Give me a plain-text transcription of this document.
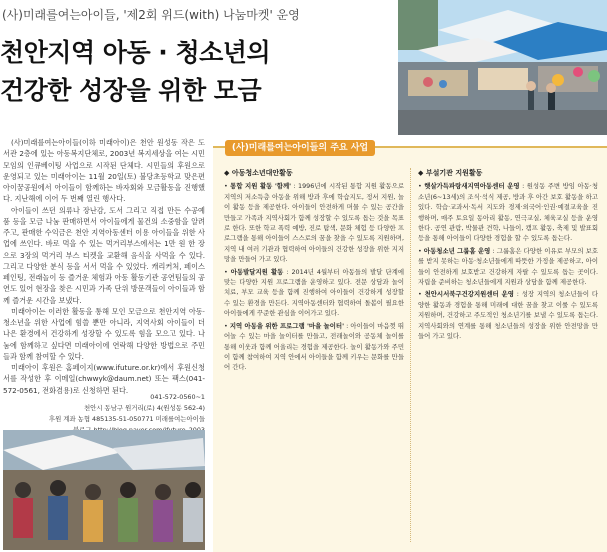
(사)미래를여는아이들, '제2회 위드(with) 나눔마켓' 운영
천안지역 아동 · 청소년의
건강한 성장을 위한 모금

(사)미래를여는아이들(이하 미래아이)은 천안 원성동 작은 도서관 2층에 있는 아동복지단체로, 2003년 복지세상을 여는 시민모임의 인큐베이팅 사업으로 시작된 단체다. 시민들의 후원으로 운영되고 있는 미래아이는 11월 20일(토) 불당초등학교 맞은편 아이꿈공원에서 아이들이 함께하는 바자회와 모금활동을 진행했다. 지난해에 이어 두 번째 열린 행사다.

아이들이 쓰던 의류나 장난감, 도서 그리고 직접 만든 수공예품 등을 모금 나눔 판매하면서 아이들에게 물건의 소중함을 알려주고, 판매한 수익금은 천안 지역아동센터 이용 아이들을 위한 사업에 쓰인다. 바로 먹을 수 있는 먹거리부스에서는 1만 원 한 장으로 3장의 먹거리 부스 티켓을 교환해 음식을 사먹을 수 있다. 그리고 다양한 분식 등을 서서 먹을 수 있었다. 캐리커처, 페이스페인팅, 전래놀이 등 즐거운 체험과 아동 활동기관 공연팀들의 공연도 있어 현장을 찾은 시민과 가족 단위 방문객들이 아이들과 함께 즐거운 시간을 보냈다.

미래아이는 이러한 활동을 통해 모인 모금으로 천안지역 아동·청소년을 위한 사업에 힘쓸 뿐만 아니라, 지역사회 아이들이 더 나은 환경에서 건강하게 성장할 수 있도록 힘을 모으고 있다. 나눔에 함께하고 싶다면 미래아이에 연락해 다양한 방법으로 주민들과 함께 참여할 수 있다.

미래아이 후원은 홈페이지(www.ifuture.or.kr)에서 후원신청서를 작성한 후 이메일(chwwyk@daum.net) 또는 팩스(041-572-0561, 전화겸용)로 신청하면 된다.

041-572-0560~1
천안시 동남구 원거리(로) 4(원성동 562-4)
후원 계좌 농협 485135-51-050771 미래를여는아이들
(사)미래를여는아이들의 주요 사업
◆ 아동청소년대안활동

• 통합 지원 활동 '함께' : 1996년에 시작된 통합 지원 활동으로 지역의 저소득층 아동을 위해 방과 후에 학습지도, 정서 지원, 놀이 활동 등을 제공한다. 아이들이 안전하게 머물 수 있는 공간을 만들고 가족과 지역사회가 함께 성장할 수 있도록 돕는 것을 목표로 한다. 또한 학교 폭력 예방, 진로 탐색, 문화 체험 등 다양한 프로그램을 통해 아이들이 스스로의 꿈을 찾을 수 있도록 지원하며, 지역 내 여러 기관과 협력하여 아이들의 건강한 성장을 위한 지지망을 만들어 가고 있다.

• 아동발달지원 활동 : 2014년 4월부터 아동들의 발달 단계에 맞는 다양한 지원 프로그램을 운영하고 있다. 전문 상담과 놀이 치료, 부모 교육 등을 함께 진행하여 아이들이 건강하게 성장할 수 있는 환경을 만든다. 지역아동센터와 협력하여 돌봄이 필요한 아이들에게 꾸준한 관심을 이어가고 있다.

• 지역 아동을 위한 프로그램 '마을 놀이터' : 아이들이 마음껏 뛰어놀 수 있는 마을 놀이터를 만들고, 전래놀이와 공동체 놀이를 통해 이웃과 함께 어울리는 경험을 제공한다. 놀이 활동가와 주민이 함께 참여하여 지역 안에서 아이들을 함께 키우는 문화를 만들어 간다.

◆ 부설기관 지원활동

• 햇살가득파랑새지역아동센터 운영 : 원성동 주변 방임 아동·청소년(6~13세)의 조식·석식 제공, 방과 후 아간 보호 활동을 하고 있다. 학습·교과서·독서 지도와 경제·외국어·인권·예절교육을 진행하며, 매주 토요일 동아리 활동, 연극교실, 체육교실 등을 운영한다. 공연 관람, 박물관 견학, 나들이, 캠프 활동, 축제 및 발표회 등을 통해 아이들이 다양한 경험을 할 수 있도록 돕는다.

• 아동청소년 그룹홈 운영 : 그룹홈은 다양한 이유로 부모의 보호를 받지 못하는 아동·청소년들에게 따뜻한 가정을 제공하고, 아이들이 안전하게 보호받고 건강하게 자랄 수 있도록 돕는 곳이다. 자립을 준비하는 청소년들에게 지원과 상담을 함께 제공한다.

• 천안시서북구건강지원센터 운영 : 성장 지역의 청소년들이 다양한 활동과 경험을 통해 미래에 대한 꿈을 찾고 이룰 수 있도록 지원하며, 건강하고 주도적인 청소년기를 보낼 수 있도록 돕는다. 지역사회와의 연계를 통해 청소년들의 성장을 위한 안전망을 만들어 가고 있다.
